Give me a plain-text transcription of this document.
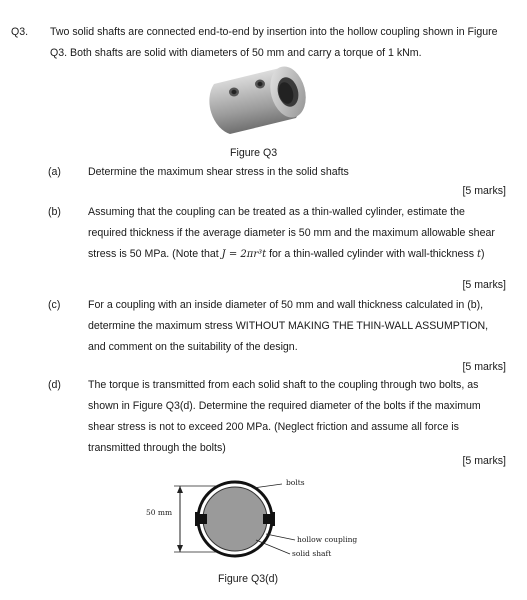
Q3. Two solid shafts are connected end-to-end by insertion into the hollow coupling shown in Figure Q3. Both shafts are solid with diameters of 50 mm and carry a torque of 1 kNm.
Figure Q3
(a)	Determine the maximum shear stress in the solid shafts
[5 marks]
(b)	Assuming that the coupling can be treated as a thin-walled cylinder, estimate the required thickness if the average diameter is 50 mm and the maximum allowable shear stress is 50 MPa. (Note that J = 2πr³t for a thin-walled cylinder with wall-thickness t)
[5 marks]
(c)	For a coupling with an inside diameter of 50 mm and wall thickness calculated in (b), determine the maximum stress WITHOUT MAKING THE THIN-WALL ASSUMPTION, and comment on the suitability of the design.
[5 marks]
(d)	The torque is transmitted from each solid shaft to the coupling through two bolts, as shown in Figure Q3(d). Determine the required diameter of the bolts if the maximum shear stress is not to exceed 200 MPa. (Neglect friction and assume all force is transmitted through the bolts)
[5 marks]
50 mm
bolts
hollow coupling
solid shaft
Figure Q3(d)
